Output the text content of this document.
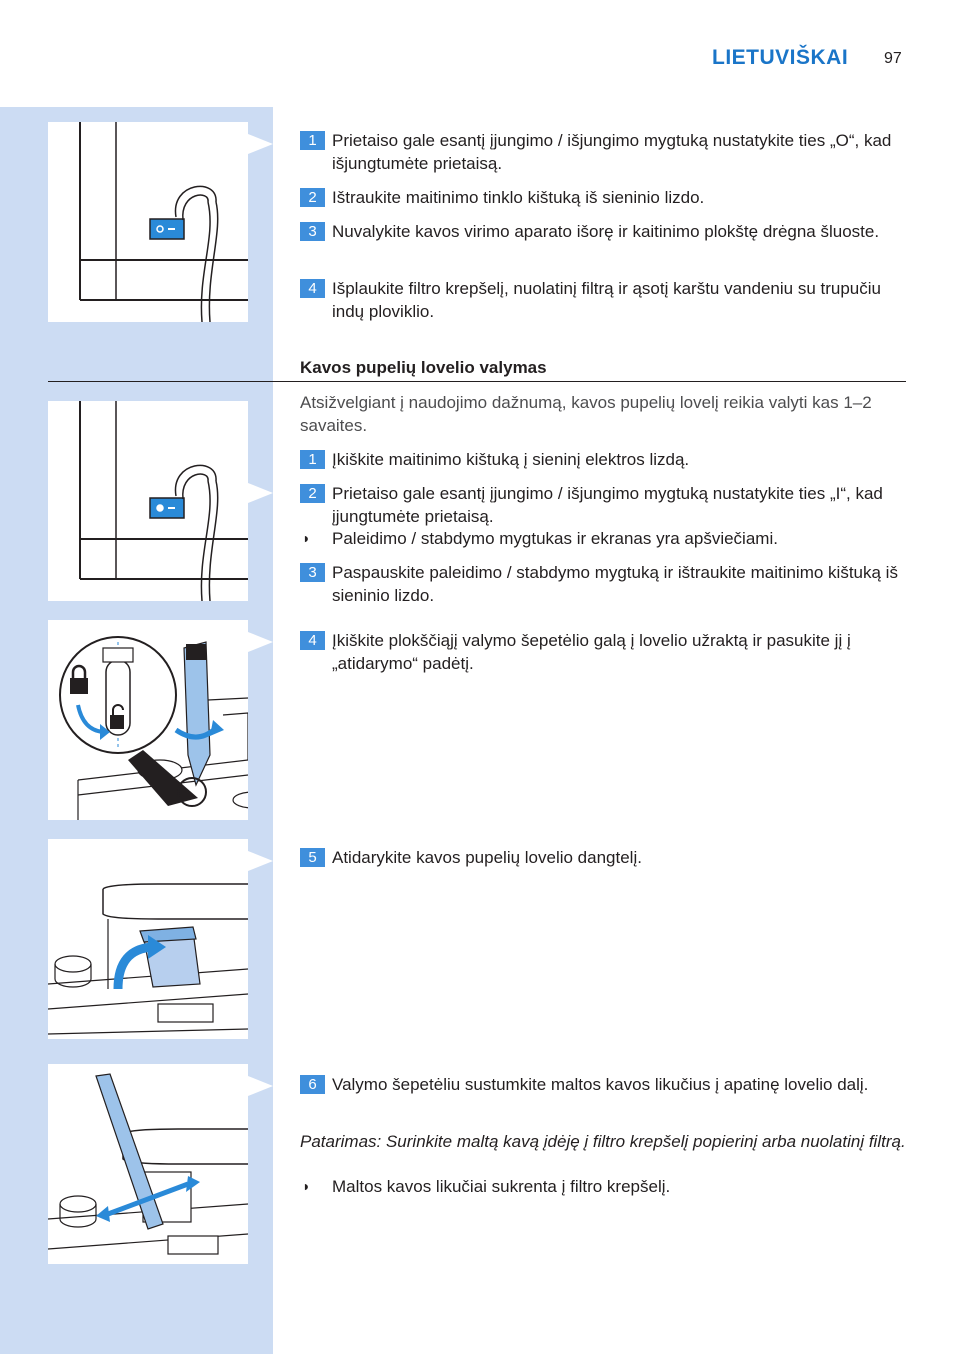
LIETUVIŠKAI 97
1 Prietaiso gale esantį įjungimo / išjungimo mygtuką nustatykite ties „O“, kad išjungtumėte prietaisą.
2 Ištraukite maitinimo tinklo kištuką iš sieninio lizdo.
3 Nuvalykite kavos virimo aparato išorę ir kaitinimo plokštę drėgna šluoste.
4 Išplaukite filtro krepšelį, nuolatinį filtrą ir ąsotį karštu vandeniu su trupučiu indų ploviklio.
Kavos pupelių lovelio valymas
Atsižvelgiant į naudojimo dažnumą, kavos pupelių lovelį reikia valyti kas 1–2 savaites.
1 Įkiškite maitinimo kištuką į sieninį elektros lizdą.
2 Prietaiso gale esantį įjungimo / išjungimo mygtuką nustatykite ties „I“, kad įjungtumėte prietaisą.
◗ Paleidimo / stabdymo mygtukas ir ekranas yra apšviečiami.
3 Paspauskite paleidimo / stabdymo mygtuką ir ištraukite maitinimo kištuką iš sieninio lizdo.
4 Įkiškite plokščiąjį valymo šepetėlio galą į lovelio užraktą ir pasukite jį į „atidarymo“ padėtį.
5 Atidarykite kavos pupelių lovelio dangtelį.
6 Valymo šepetėliu sustumkite maltos kavos likučius į apatinę lovelio dalį.
Patarimas: Surinkite maltą kavą įdėję į filtro krepšelį popierinį arba nuolatinį filtrą.
◗ Maltos kavos likučiai sukrenta į filtro krepšelį.
